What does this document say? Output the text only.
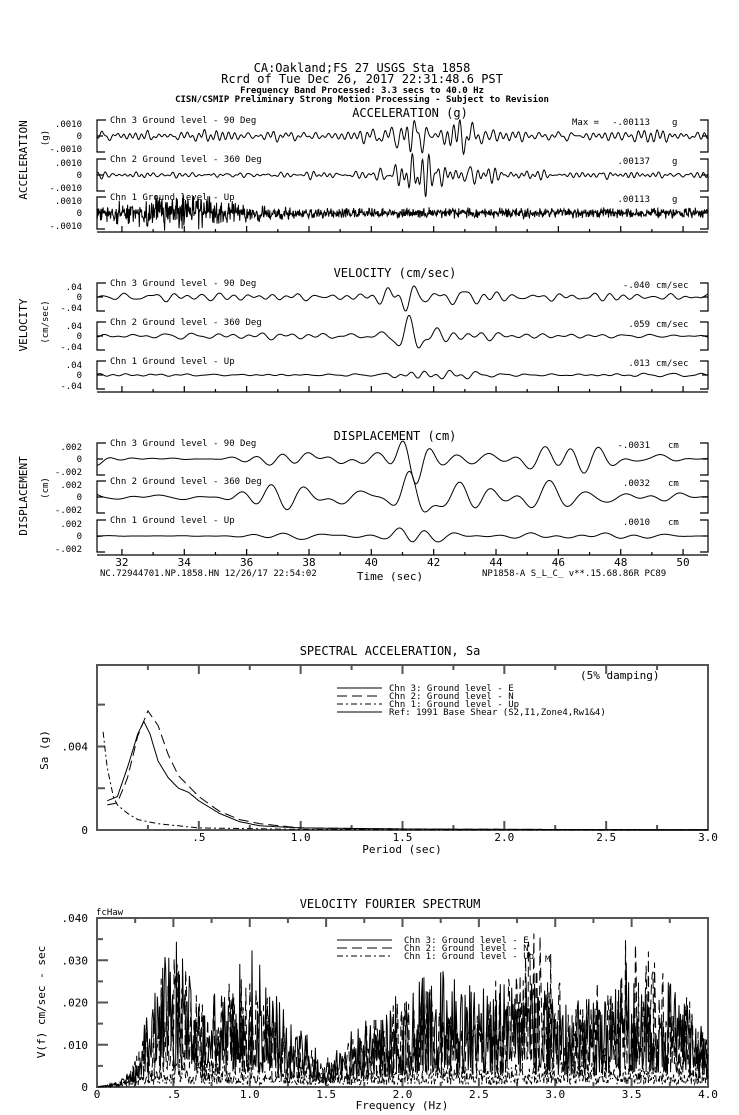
CA:Oakland;FS 27 USGS Sta 1858
Rcrd of Tue Dec 26, 2017 22:31:48.6 PST
Frequency Band Processed: 3.3 secs to 40.0 Hz
CISN/CSMIP Preliminary Strong Motion Processing - Subject to Revision
ACCELERATION (g)
ACCELERATION (g)
Max =
VELOCITY (cm/sec)
VELOCITY (cm/sec)
DISPLACEMENT (cm)
DISPLACEMENT (cm)
Time (sec)
NC.72944701.NP.1858.HN 12/26/17 22:54:02	NP1858-A S_L_C_ v**.15.68.86R PC89
SPECTRAL ACCELERATION, Sa
(5% damping)
Period (sec)
Sa (g)
VELOCITY FOURIER SPECTRUM
fcHaw
M
Frequency (Hz)
V(f) cm/sec - sec
.0010
0
-.0010
Chn 3 Ground level - 90 Deg	-.00113 g
.0010
0
-.0010
Chn 2 Ground level - 360 Deg	.00137 g
.0010
0
-.0010
Chn 1 Ground level - Up	.00113 g
.04
0
-.04
Chn 3 Ground level - 90 Deg	-.040 cm/sec
.04
0
-.04
Chn 2 Ground level - 360 Deg	.059 cm/sec
.04
0
-.04
Chn 1 Ground level - Up	.013 cm/sec
.002
0
-.002
Chn 3 Ground level - 90 Deg	-.0031 cm
.002
0
-.002
Chn 2 Ground level - 360 Deg	.0032 cm
.002
0
-.002
Chn 1 Ground level - Up	.0010 cm
32	34	36	38	40	42	44	46	48	50
.5	1.0	1.5	2.0	2.5	3.0
0
.004
Chn 3: Ground level - E
Chn 2: Ground level - N
Chn 1: Ground level - Up
Ref: 1991 Base Shear (S2,I1,Zone4,Rw1&4)
0	.5	1.0	1.5	2.0	2.5	3.0	3.5	4.0
0
.010
.020
.030
.040
Chn 3: Ground level - E
Chn 2: Ground level - N
Chn 1: Ground level - Up
